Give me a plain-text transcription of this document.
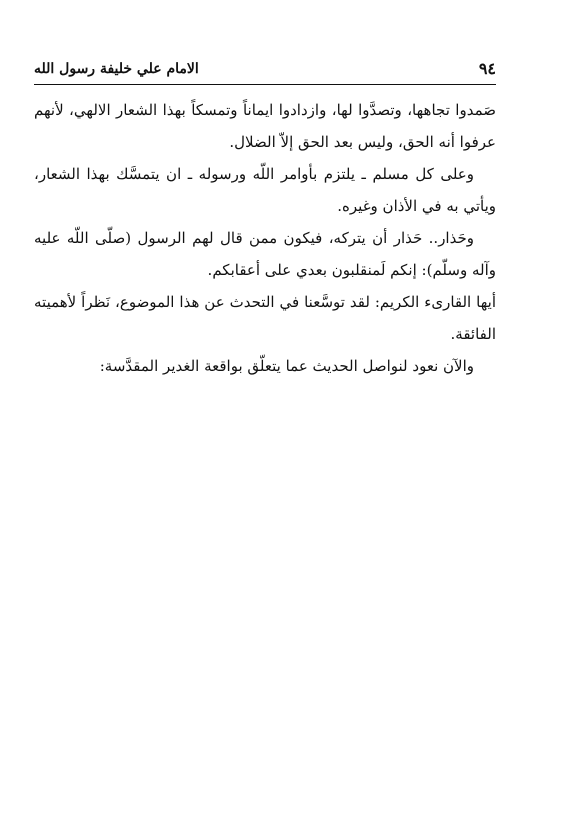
٩٤
الامام علي خليفة رسول الله

صَمدوا تجاهها، وتصدَّوا لها، وازدادوا ايماناً وتمسكاً بهذا الشعار الالهي، لأنهم عرفوا أنه الحق، وليس بعد الحق إلاّ الضلال.

وعلى كل مسلم ـ يلتزم بأوامر اللّه ورسوله ـ ان يتمسَّك بهذا الشعار، ويأتي به في الأذان وغيره.

وحَذار.. حَذار أن يتركه، فيكون ممن قال لهم الرسول (صلّى اللّه عليه وآله وسلّم): إنكم لَمنقلبون بعدي على أعقابكم.

أيها القارىء الكريم: لقد توسَّعنا في التحدث عن هذا الموضوع، نَظراً لأهميته الفائقة.

والآن نعود لنواصل الحديث عما يتعلّق بواقعة الغدير المقدَّسة:
